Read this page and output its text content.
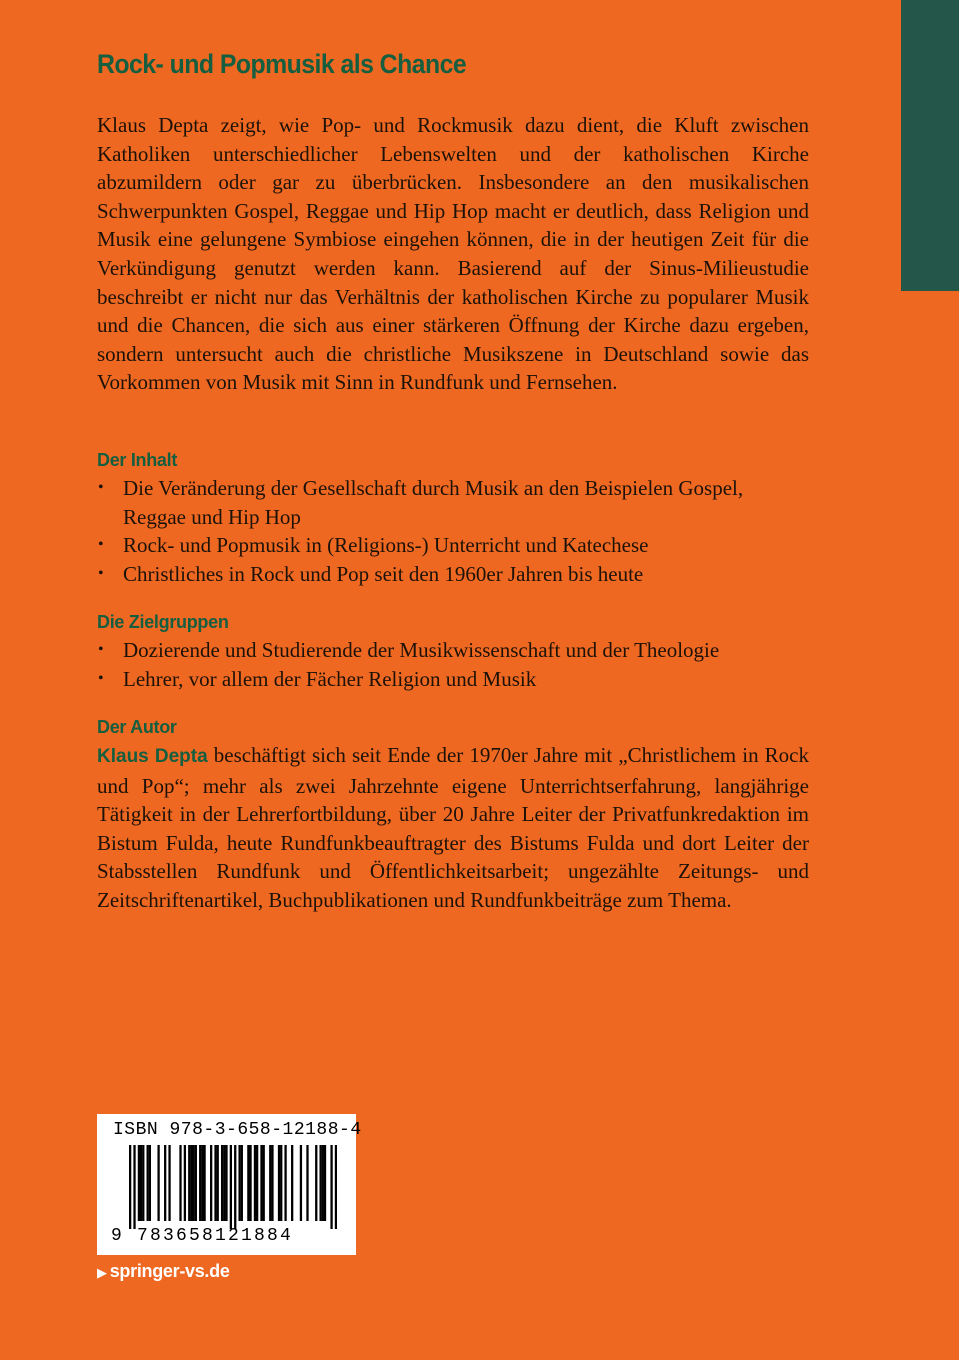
Rock- und Popmusik als Chance

Klaus Depta zeigt, wie Pop- und Rockmusik dazu dient, die Kluft zwischen Katholiken unterschiedlicher Lebenswelten und der katholischen Kirche abzumildern oder gar zu überbrücken. Insbesondere an den musikalischen Schwerpunkten Gospel, Reggae und Hip Hop macht er deutlich, dass Religion und Musik eine gelungene Symbiose eingehen können, die in der heutigen Zeit für die Verkündigung genutzt werden kann. Basierend auf der Sinus-Milieustudie beschreibt er nicht nur das Verhältnis der katholischen Kirche zu popularer Musik und die Chancen, die sich aus einer stärkeren Öffnung der Kirche dazu ergeben, sondern untersucht auch die christliche Musikszene in Deutschland sowie das Vorkommen von Musik mit Sinn in Rundfunk und Fernsehen.

Der Inhalt
• Die Veränderung der Gesellschaft durch Musik an den Beispielen Gospel, Reggae und Hip Hop
• Rock- und Popmusik in (Religions-) Unterricht und Katechese
• Christliches in Rock und Pop seit den 1960er Jahren bis heute
Die Zielgruppen
• Dozierende und Studierende der Musikwissenschaft und der Theologie
• Lehrer, vor allem der Fächer Religion und Musik
Der Autor

Klaus Depta beschäftigt sich seit Ende der 1970er Jahre mit „Christlichem in Rock und Pop“; mehr als zwei Jahrzehnte eigene Unterrichtserfahrung, langjährige Tätigkeit in der Lehrerfortbildung, über 20 Jahre Leiter der Privatfunkredaktion im Bistum Fulda, heute Rundfunkbeauftragter des Bistums Fulda und dort Leiter der Stabsstellen Rundfunk und Öffentlichkeitsarbeit; ungezählte Zeitungs- und Zeitschriftenartikel, Buchpublikationen und Rundfunkbeiträge zum Thema.

ISBN 978-3-658-12188-4
9 783658121884
▶ springer-vs.de
